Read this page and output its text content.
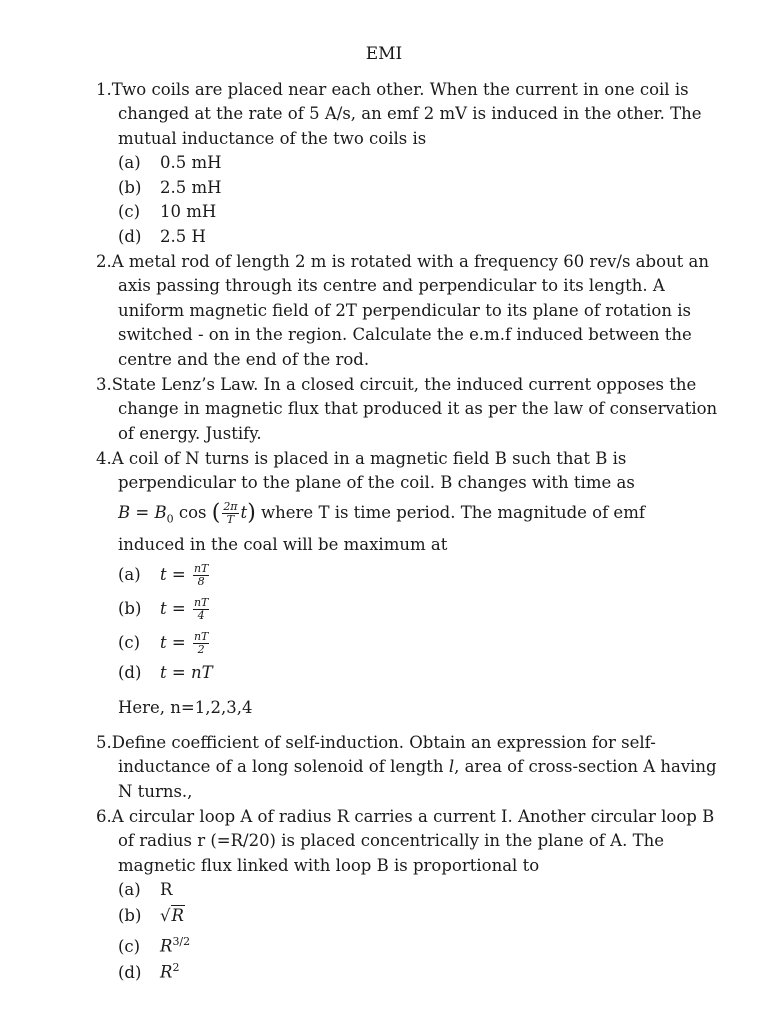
EMI
1.Two coils are placed near each other. When the current in one coil is
changed at the rate of 5 A/s, an emf 2 mV is induced in the other. The
mutual inductance of the two coils is
(a) 0.5 mH
(b) 2.5 mH
(c) 10 mH
(d) 2.5 H
2.A metal rod of length 2 m is rotated with a frequency 60 rev/s about an
axis passing through its centre and perpendicular to its length. A
uniform magnetic field of 2T perpendicular to its plane of rotation is
switched - on in the region. Calculate the e.m.f induced between the
centre and the end of the rod.
3.State Lenz’s Law. In a closed circuit, the induced current opposes the
change in magnetic flux that produced it as per the law of conservation
of energy. Justify.
4.A coil of N turns is placed in a magnetic field B such that B is
perpendicular to the plane of the coil. B changes with time as
$B = B_0$ cos ( $\frac{2\pi}{T} t$) where T is time period. The magnitude of emf
induced in the coal will be maximum at
(a) $t = \frac{nT}{8}$
(b) $t = \frac{nT}{4}$
(c) $t = \frac{nT}{2}$
(d) t = nT
Here, n=1,2,3,4
5.Define coefficient of self-induction. Obtain an expression for self-
inductance of a long solenoid of length l, area of cross-section A having
N turns.,
6.A circular loop A of radius R carries a current I. Another circular loop B
of radius r (=R/20) is placed concentrically in the plane of A. The
magnetic flux linked with loop B is proportional to
(a) R
(b) √R
(c) $R^{3/2}$
(d) $R^2$
